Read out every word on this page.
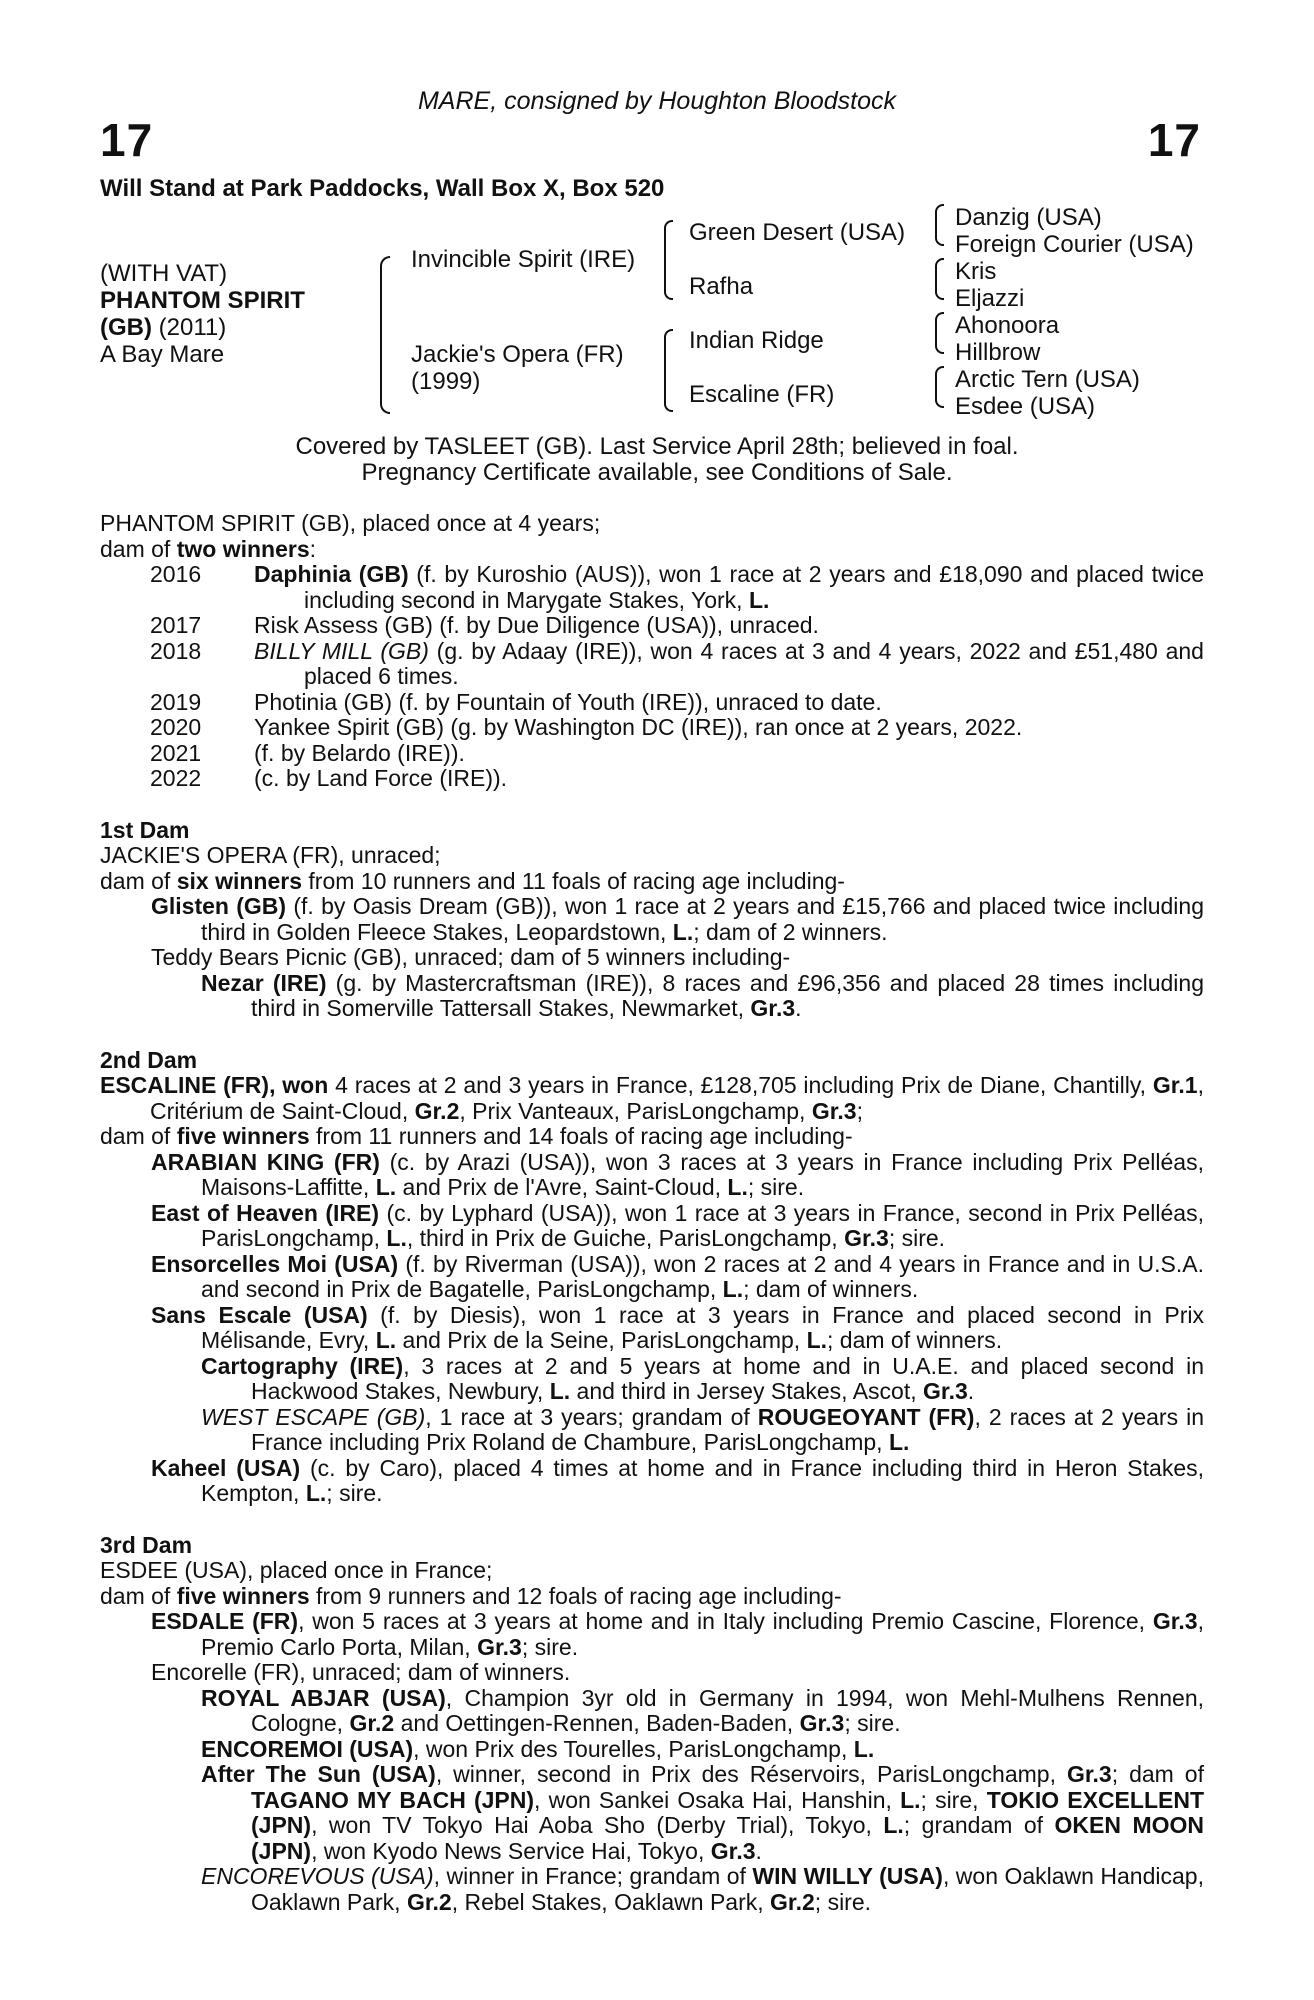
MARE, consigned by Houghton Bloodstock
17	17
Will Stand at Park Paddocks, Wall Box X, Box 520
(WITH VAT)
PHANTOM SPIRIT
(GB) (2011)
A Bay Mare
Invincible Spirit (IRE)
Jackie's Opera (FR)
(1999)
Green Desert (USA)
Rafha
Indian Ridge
Escaline (FR)
Danzig (USA)
Foreign Courier (USA)
Kris
Eljazzi
Ahonoora
Hillbrow
Arctic Tern (USA)
Esdee (USA)
Covered by TASLEET (GB). Last Service April 28th; believed in foal.
Pregnancy Certificate available, see Conditions of Sale.
PHANTOM SPIRIT (GB), placed once at 4 years;
dam of two winners:
2016	Daphinia (GB) (f. by Kuroshio (AUS)), won 1 race at 2 years and £18,090 and placed twice including second in Marygate Stakes, York, L.
2017	Risk Assess (GB) (f. by Due Diligence (USA)), unraced.
2018	BILLY MILL (GB) (g. by Adaay (IRE)), won 4 races at 3 and 4 years, 2022 and £51,480 and placed 6 times.
2019	Photinia (GB) (f. by Fountain of Youth (IRE)), unraced to date.
2020	Yankee Spirit (GB) (g. by Washington DC (IRE)), ran once at 2 years, 2022.
2021	(f. by Belardo (IRE)).
2022	(c. by Land Force (IRE)).
1st Dam
JACKIE'S OPERA (FR), unraced;
dam of six winners from 10 runners and 11 foals of racing age including-
Glisten (GB) (f. by Oasis Dream (GB)), won 1 race at 2 years and £15,766 and placed twice including third in Golden Fleece Stakes, Leopardstown, L.; dam of 2 winners.
Teddy Bears Picnic (GB), unraced; dam of 5 winners including-
Nezar (IRE) (g. by Mastercraftsman (IRE)), 8 races and £96,356 and placed 28 times including third in Somerville Tattersall Stakes, Newmarket, Gr.3.
2nd Dam
ESCALINE (FR), won 4 races at 2 and 3 years in France, £128,705 including Prix de Diane, Chantilly, Gr.1, Critérium de Saint-Cloud, Gr.2, Prix Vanteaux, ParisLongchamp, Gr.3;
dam of five winners from 11 runners and 14 foals of racing age including-
ARABIAN KING (FR) (c. by Arazi (USA)), won 3 races at 3 years in France including Prix Pelléas, Maisons-Laffitte, L. and Prix de l'Avre, Saint-Cloud, L.; sire.
East of Heaven (IRE) (c. by Lyphard (USA)), won 1 race at 3 years in France, second in Prix Pelléas, ParisLongchamp, L., third in Prix de Guiche, ParisLongchamp, Gr.3; sire.
Ensorcelles Moi (USA) (f. by Riverman (USA)), won 2 races at 2 and 4 years in France and in U.S.A. and second in Prix de Bagatelle, ParisLongchamp, L.; dam of winners.
Sans Escale (USA) (f. by Diesis), won 1 race at 3 years in France and placed second in Prix Mélisande, Evry, L. and Prix de la Seine, ParisLongchamp, L.; dam of winners.
Cartography (IRE), 3 races at 2 and 5 years at home and in U.A.E. and placed second in Hackwood Stakes, Newbury, L. and third in Jersey Stakes, Ascot, Gr.3.
WEST ESCAPE (GB), 1 race at 3 years; grandam of ROUGEOYANT (FR), 2 races at 2 years in France including Prix Roland de Chambure, ParisLongchamp, L.
Kaheel (USA) (c. by Caro), placed 4 times at home and in France including third in Heron Stakes, Kempton, L.; sire.
3rd Dam
ESDEE (USA), placed once in France;
dam of five winners from 9 runners and 12 foals of racing age including-
ESDALE (FR), won 5 races at 3 years at home and in Italy including Premio Cascine, Florence, Gr.3, Premio Carlo Porta, Milan, Gr.3; sire.
Encorelle (FR), unraced; dam of winners.
ROYAL ABJAR (USA), Champion 3yr old in Germany in 1994, won Mehl-Mulhens Rennen, Cologne, Gr.2 and Oettingen-Rennen, Baden-Baden, Gr.3; sire.
ENCOREMOI (USA), won Prix des Tourelles, ParisLongchamp, L.
After The Sun (USA), winner, second in Prix des Réservoirs, ParisLongchamp, Gr.3; dam of TAGANO MY BACH (JPN), won Sankei Osaka Hai, Hanshin, L.; sire, TOKIO EXCELLENT (JPN), won TV Tokyo Hai Aoba Sho (Derby Trial), Tokyo, L.; grandam of OKEN MOON (JPN), won Kyodo News Service Hai, Tokyo, Gr.3.
ENCOREVOUS (USA), winner in France; grandam of WIN WILLY (USA), won Oaklawn Handicap, Oaklawn Park, Gr.2, Rebel Stakes, Oaklawn Park, Gr.2; sire.
